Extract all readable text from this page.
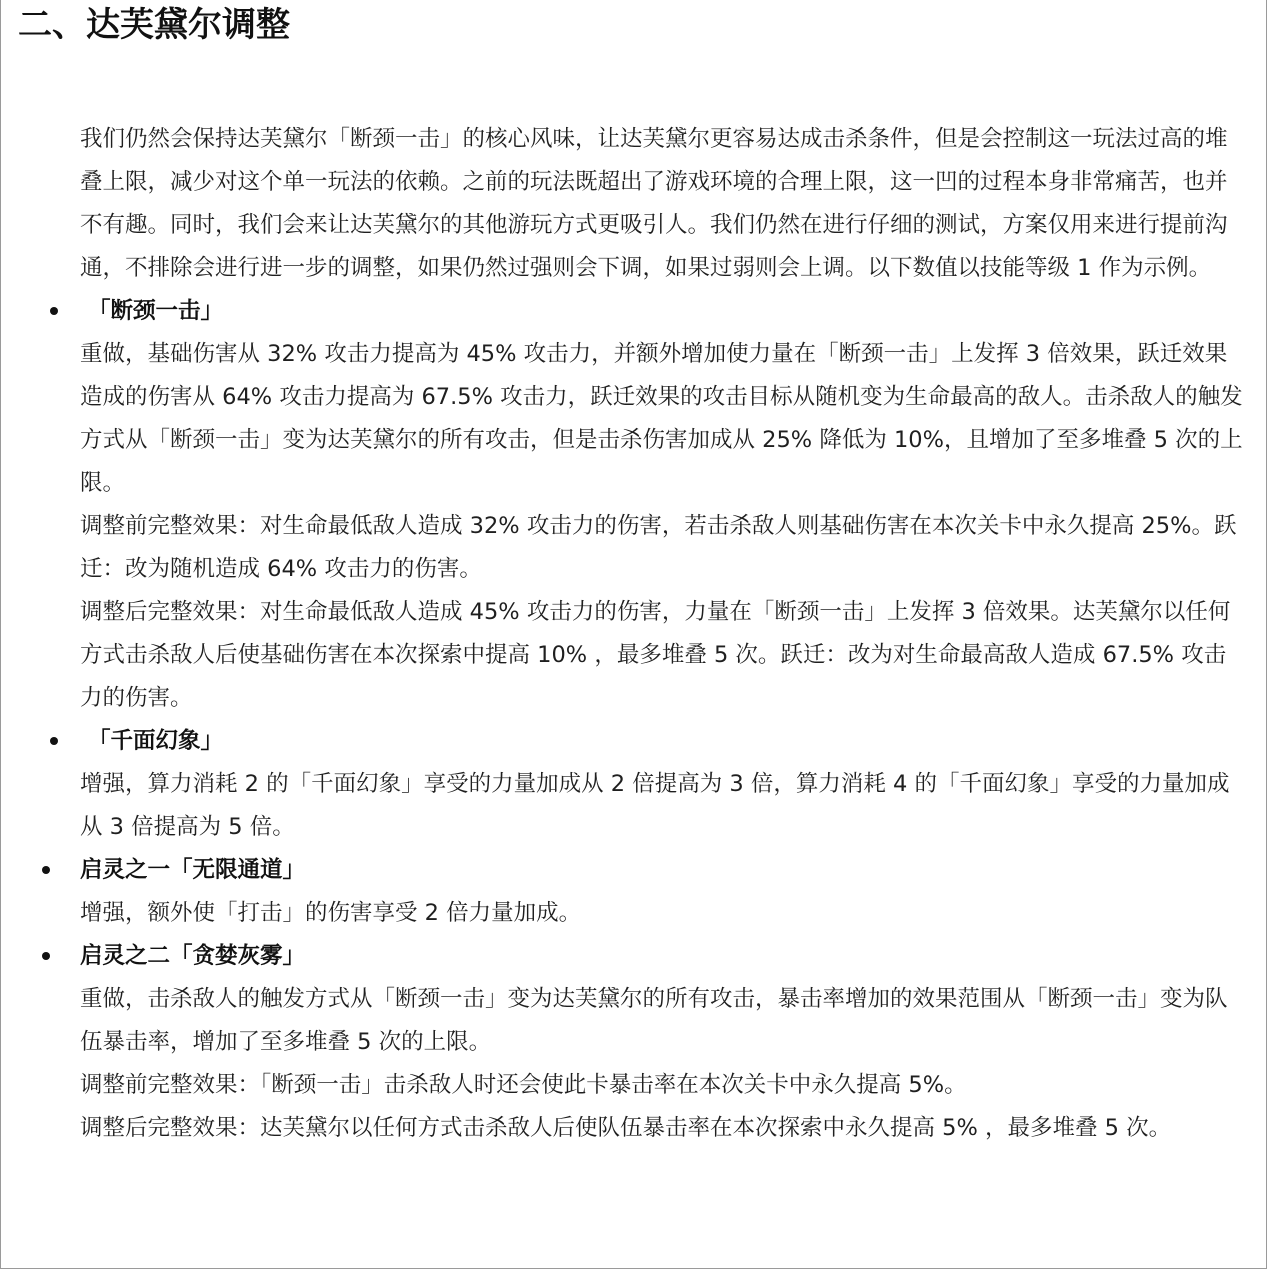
二、达芙黛尔调整

我们仍然会保持达芙黛尔「断颈一击」的核心风味，让达芙黛尔更容易达成击杀条件，但是会控制这一玩法过高的堆叠上限，减少对这个单一玩法的依赖。之前的玩法既超出了游戏环境的合理上限，这一凹的过程本身非常痛苦，也并不有趣。同时，我们会来让达芙黛尔的其他游玩方式更吸引人。我们仍然在进行仔细的测试，方案仅用来进行提前沟通，不排除会进行进一步的调整，如果仍然过强则会下调，如果过弱则会上调。以下数值以技能等级 1 作为示例。

「断颈一击」

重做，基础伤害从 32% 攻击力提高为 45% 攻击力，并额外增加使力量在「断颈一击」上发挥 3 倍效果，跃迁效果造成的伤害从 64% 攻击力提高为 67.5% 攻击力，跃迁效果的攻击目标从随机变为生命最高的敌人。击杀敌人的触发方式从「断颈一击」变为达芙黛尔的所有攻击，但是击杀伤害加成从 25% 降低为 10%，且增加了至多堆叠 5 次的上限。

调整前完整效果：对生命最低敌人造成 32% 攻击力的伤害，若击杀敌人则基础伤害在本次关卡中永久提高 25%。跃迁：改为随机造成 64% 攻击力的伤害。

调整后完整效果：对生命最低敌人造成 45% 攻击力的伤害，力量在「断颈一击」上发挥 3 倍效果。达芙黛尔以任何方式击杀敌人后使基础伤害在本次探索中提高 10% ，最多堆叠 5 次。跃迁：改为对生命最高敌人造成 67.5% 攻击力的伤害。

「千面幻象」

增强，算力消耗 2 的「千面幻象」享受的力量加成从 2 倍提高为 3 倍，算力消耗 4 的「千面幻象」享受的力量加成从 3 倍提高为 5 倍。

启灵之一「无限通道」

增强，额外使「打击」的伤害享受 2 倍力量加成。

启灵之二「贪婪灰雾」

重做，击杀敌人的触发方式从「断颈一击」变为达芙黛尔的所有攻击，暴击率增加的效果范围从「断颈一击」变为队伍暴击率，增加了至多堆叠 5 次的上限。

调整前完整效果：「断颈一击」击杀敌人时还会使此卡暴击率在本次关卡中永久提高 5%。

调整后完整效果：达芙黛尔以任何方式击杀敌人后使队伍暴击率在本次探索中永久提高 5% ，最多堆叠 5 次。
